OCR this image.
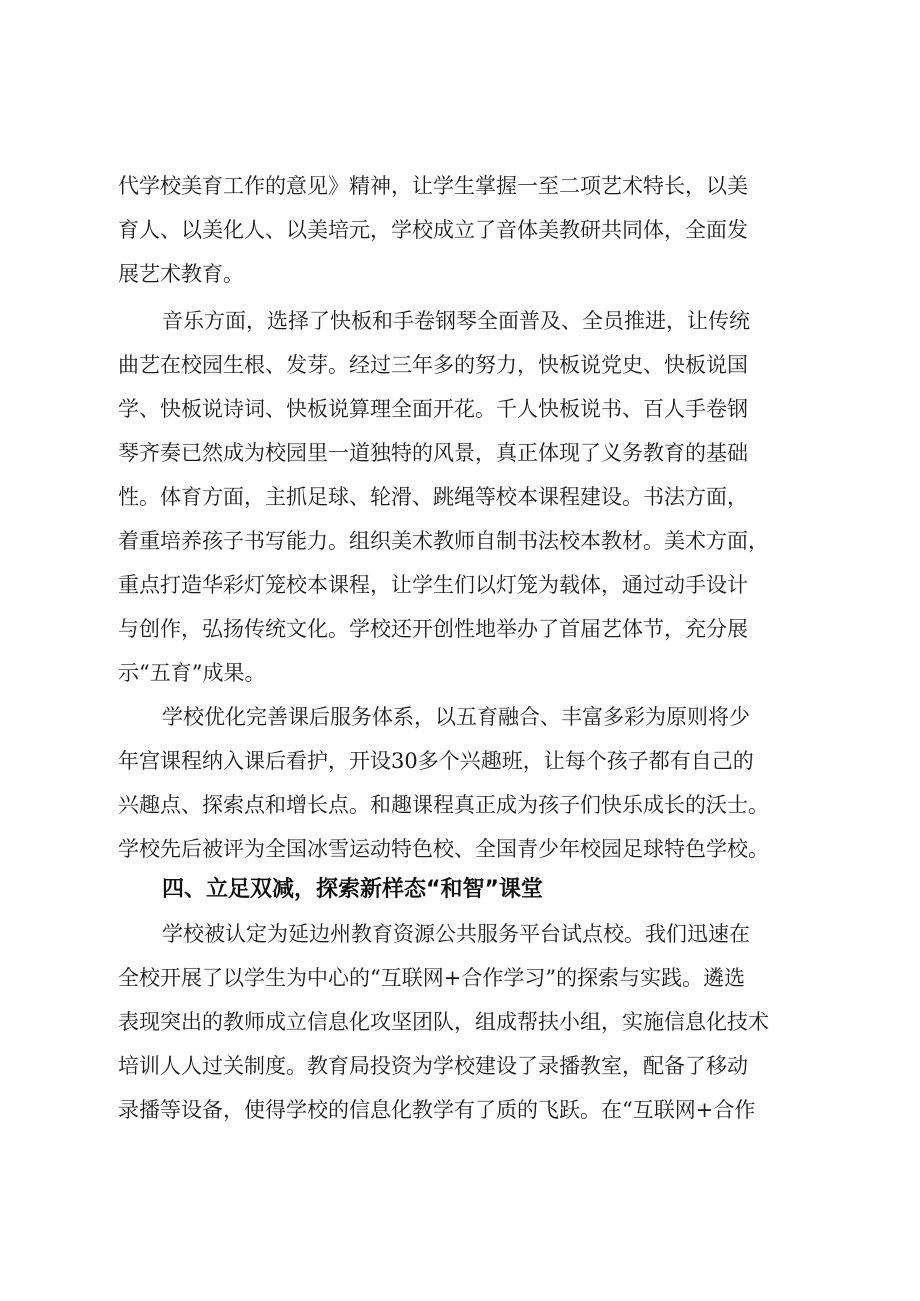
代学校美育工作的意见》精神，让学生掌握一至二项艺术特长，以美
育人、以美化人、以美培元，学校成立了音体美教研共同体，全面发
展艺术教育。
音乐方面，选择了快板和手卷钢琴全面普及、全员推进，让传统
曲艺在校园生根、发芽。经过三年多的努力，快板说党史、快板说国
学、快板说诗词、快板说算理全面开花。千人快板说书、百人手卷钢
琴齐奏已然成为校园里一道独特的风景，真正体现了义务教育的基础
性。体育方面，主抓足球、轮滑、跳绳等校本课程建设。书法方面，
着重培养孩子书写能力。组织美术教师自制书法校本教材。美术方面，
重点打造华彩灯笼校本课程，让学生们以灯笼为载体，通过动手设计
与创作，弘扬传统文化。学校还开创性地举办了首届艺体节，充分展
示“五育”成果。
学校优化完善课后服务体系，以五育融合、丰富多彩为原则将少
年宫课程纳入课后看护，开设30多个兴趣班，让每个孩子都有自己的
兴趣点、探索点和增长点。和趣课程真正成为孩子们快乐成长的沃士。
学校先后被评为全国冰雪运动特色校、全国青少年校园足球特色学校。
四、立足双减，探索新样态“和智”课堂
学校被认定为延边州教育资源公共服务平台试点校。我们迅速在
全校开展了以学生为中心的“互联网+合作学习”的探索与实践。遴选
表现突出的教师成立信息化攻坚团队，组成帮扶小组，实施信息化技术
培训人人过关制度。教育局投资为学校建设了录播教室，配备了移动
录播等设备，使得学校的信息化教学有了质的飞跃。在“互联网+合作
